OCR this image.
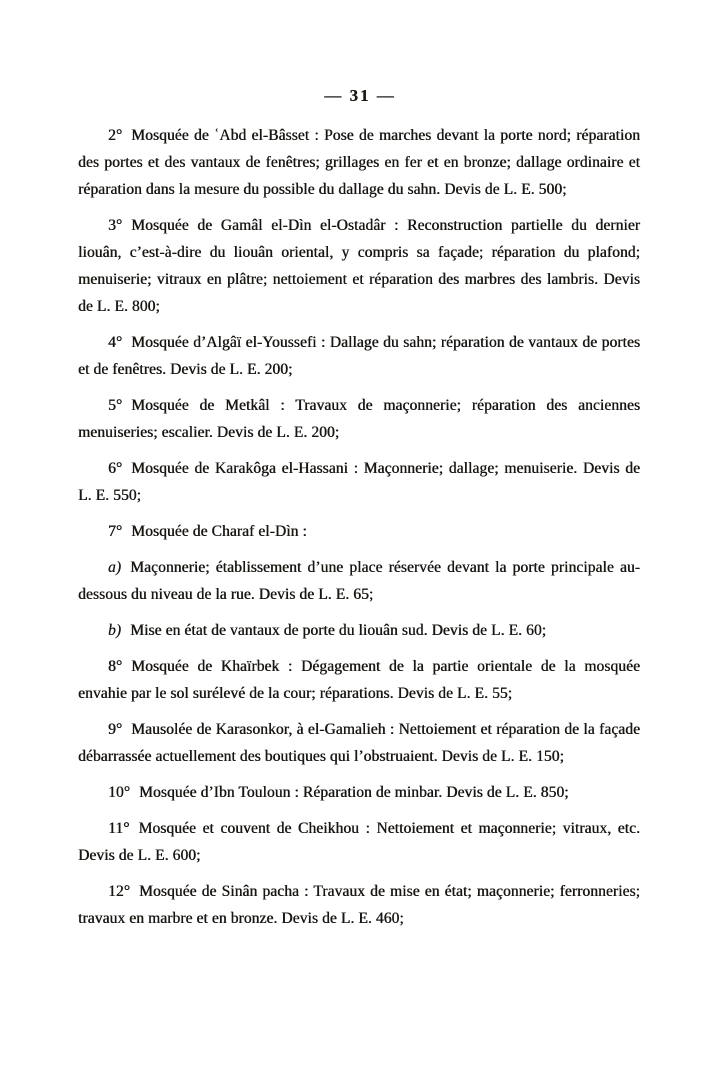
— 31 —

2° Mosquée de ʿAbd el-Bâsset : Pose de marches devant la porte nord; réparation des portes et des vantaux de fenêtres; grillages en fer et en bronze; dallage ordinaire et réparation dans la mesure du possible du dallage du sahn. Devis de L. E. 500;

3° Mosquée de Gamâl el-Dìn el-Ostadâr : Reconstruction partielle du dernier liouân, c’est-à-dire du liouân oriental, y compris sa façade; réparation du plafond; menuiserie; vitraux en plâtre; nettoiement et réparation des marbres des lambris. Devis de L. E. 800;

4° Mosquée d’Algâï el-Youssefi : Dallage du sahn; réparation de vantaux de portes et de fenêtres. Devis de L. E. 200;

5° Mosquée de Metkâl : Travaux de maçonnerie; réparation des anciennes menuiseries; escalier. Devis de L. E. 200;

6° Mosquée de Karakôga el-Hassani : Maçonnerie; dallage; menuiserie. Devis de L. E. 550;

7° Mosquée de Charaf el-Dìn :

a) Maçonnerie; établissement d’une place réservée devant la porte principale au-dessous du niveau de la rue. Devis de L. E. 65;

b) Mise en état de vantaux de porte du liouân sud. Devis de L. E. 60;

8° Mosquée de Khaïrbek : Dégagement de la partie orientale de la mosquée envahie par le sol surélevé de la cour; réparations. Devis de L. E. 55;

9° Mausolée de Karasonkor, à el-Gamalieh : Nettoiement et réparation de la façade débarrassée actuellement des boutiques qui l’obstruaient. Devis de L. E. 150;

10° Mosquée d’Ibn Touloun : Réparation de minbar. Devis de L. E. 850;

11° Mosquée et couvent de Cheikhou : Nettoiement et maçonnerie; vitraux, etc. Devis de L. E. 600;

12° Mosquée de Sinân pacha : Travaux de mise en état; maçonnerie; ferronneries; travaux en marbre et en bronze. Devis de L. E. 460;
